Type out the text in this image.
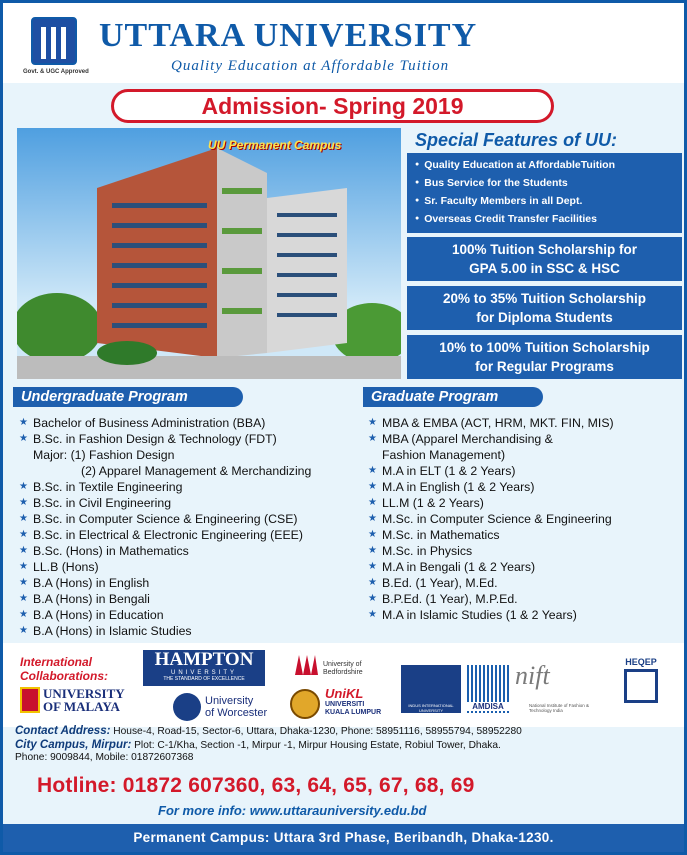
Govt. & UGC Approved
UTTARA UNIVERSITY
Quality Education at Affordable Tuition
Admission- Spring 2019
UU Permanent Campus	Special Features of UU:
● Quality Education at AffordableTuition
● Bus Service for the Students
● Sr. Faculty Members in all Dept.
● Overseas Credit Transfer Facilities
100% Tuition Scholarship for
GPA 5.00 in SSC & HSC
20% to 35% Tuition Scholarship
for Diploma Students
10% to 100% Tuition Scholarship
for Regular Programs
Undergraduate Program	Graduate Program
★ Bachelor of Business Administration (BBA)
★ B.Sc. in Fashion Design & Technology (FDT)
Major: (1) Fashion Design
(2) Apparel Management & Merchandizing
★ B.Sc. in Textile Engineering
★ B.Sc. in Civil Engineering
★ B.Sc. in Computer Science & Engineering (CSE)
★ B.Sc. in Electrical & Electronic Engineering (EEE)
★ B.Sc. (Hons) in Mathematics
★ LL.B (Hons)
★ B.A (Hons) in English
★ B.A (Hons) in Bengali
★ B.A (Hons) in Education
★ B.A (Hons) in Islamic Studies
★ MBA & EMBA (ACT, HRM, MKT. FIN, MIS)
★ MBA (Apparel Merchandising &
Fashion Management)
★ M.A in ELT (1 & 2 Years)
★ M.A in English (1 & 2 Years)
★ LL.M (1 & 2 Years)
★ M.Sc. in Computer Science & Engineering
★ M.Sc. in Mathematics
★ M.Sc. in Physics
★ M.A in Bengali (1 & 2 Years)
★ B.Ed. (1 Year), M.Ed.
★ B.P.Ed. (1 Year), M.P.Ed.
★ M.A in Islamic Studies (1 & 2 Years)
International
Collaborations:
HAMPTON
UNIVERSITY
THE STANDARD OF EXCELLENCE
UNIVERSITY
OF MALAYA	University
of Worcester
University of
Bedfordshire
UniKL
UNIVERSITI
KUALA LUMPUR
INDUS INTERNATIONAL UNIVERSITY	AMDISA
nift
National Institute of Fashion & Technology India
HEQEP
Contact Address: House-4, Road-15, Sector-6, Uttara, Dhaka-1230, Phone: 58951116, 58955794, 58952280
City Campus, Mirpur: Plot: C-1/Kha, Section -1, Mirpur -1, Mirpur Housing Estate, Robiul Tower, Dhaka.
Phone: 9009844, Mobile: 01872607368
Hotline: 01872 607360, 63, 64, 65, 67, 68, 69
For more info: www.uttarauniversity.edu.bd
Permanent Campus: Uttara 3rd Phase, Beribandh, Dhaka-1230.
